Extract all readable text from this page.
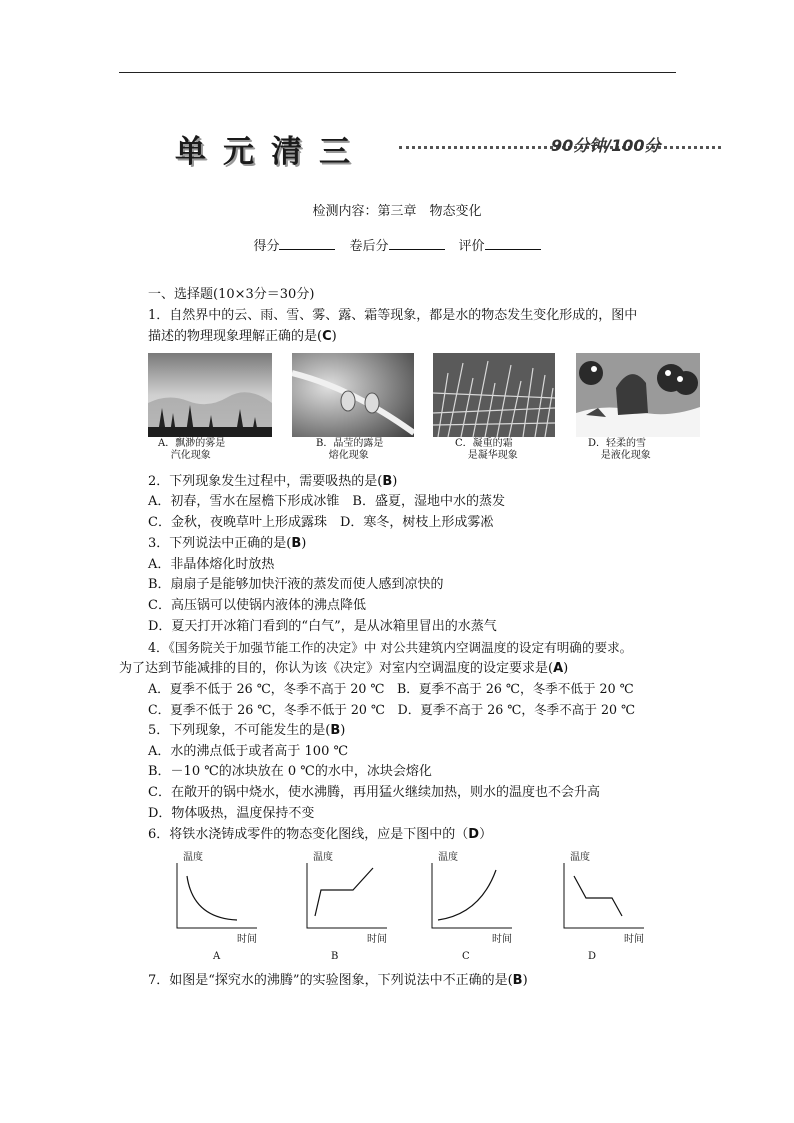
单元清三	90分钟/100分
检测内容：第三章　物态变化
得分	卷后分	评价
一、选择题(10×3分＝30分)
1．自然界中的云、雨、雪、雾、露、霜等现象，都是水的物态发生变化形成的，图中
描述的物理现象理解正确的是(C)
A．飘渺的雾是
汽化现象
B．晶莹的露是
熔化现象
C．凝重的霜
是凝华现象
D．轻柔的雪
是液化现象
2．下列现象发生过程中，需要吸热的是(B)
A．初春，雪水在屋檐下形成冰锥　B．盛夏，湿地中水的蒸发
C．金秋，夜晚草叶上形成露珠　D．寒冬，树枝上形成雾凇
3．下列说法中正确的是(B)
A．非晶体熔化时放热
B．扇扇子是能够加快汗液的蒸发而使人感到凉快的
C．高压锅可以使锅内液体的沸点降低
D．夏天打开冰箱门看到的“白气”，是从冰箱里冒出的水蒸气
4．《国务院关于加强节能工作的决定》中 对公共建筑内空调温度的设定有明确的要求。
为了达到节能减排的目的，你认为该《决定》对室内空调温度的设定要求是(A)
A．夏季不低于 26 ℃，冬季不高于 20 ℃　B．夏季不高于 26 ℃，冬季不低于 20 ℃
C．夏季不低于 26 ℃，冬季不低于 20 ℃　D．夏季不高于 26 ℃，冬季不高于 20 ℃
5．下列现象，不可能发生的是(B)
A．水的沸点低于或者高于 100 ℃
B．－10 ℃的冰块放在 0 ℃的水中，冰块会熔化
C．在敞开的锅中烧水，使水沸腾，再用猛火继续加热，则水的温度也不会升高
D．物体吸热，温度保持不变
6．将铁水浇铸成零件的物态变化图线，应是下图中的（D）
温度
时间
A
温度
时间
B
温度
时间
C
温度
时间
D
7．如图是“探究水的沸腾”的实验图象，下列说法中不正确的是(B)
